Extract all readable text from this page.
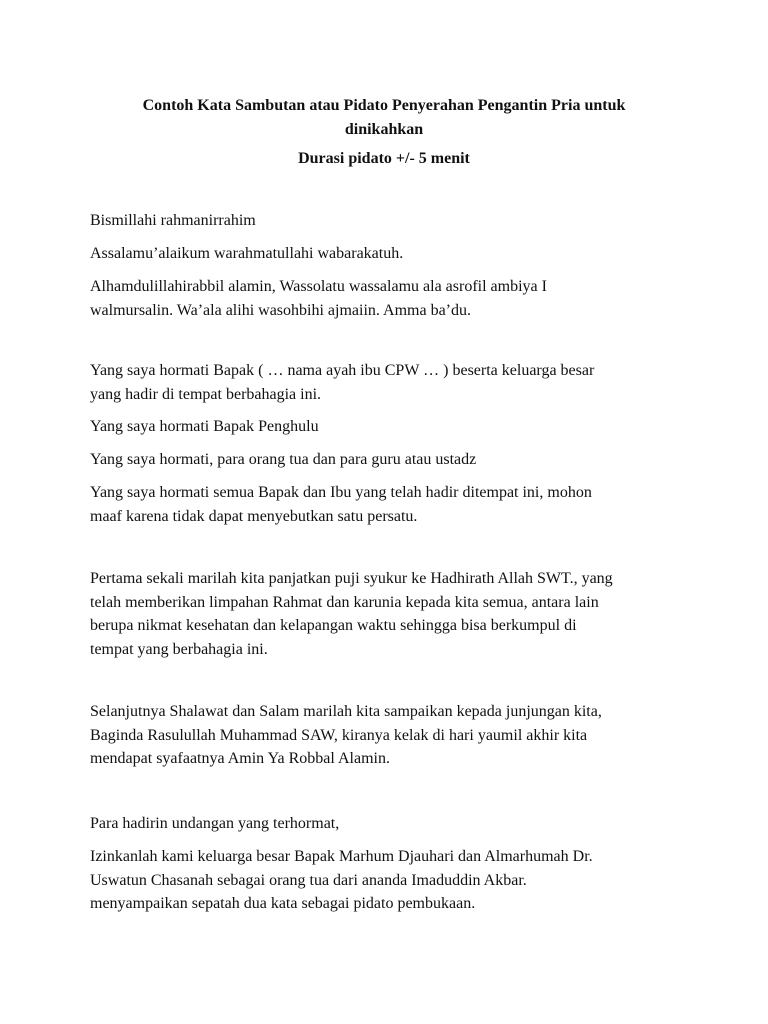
Contoh Kata Sambutan atau Pidato Penyerahan Pengantin Pria untuk
dinikahkan
Durasi pidato +/- 5 menit

Bismillahi rahmanirrahim

Assalamu’alaikum warahmatullahi wabarakatuh.

Alhamdulillahirabbil alamin, Wassolatu wassalamu ala asrofil ambiya I
walmursalin. Wa’ala alihi wasohbihi ajmaiin. Amma ba’du.

Yang saya hormati Bapak ( … nama ayah ibu CPW … ) beserta keluarga besar
yang hadir di tempat berbahagia ini.

Yang saya hormati Bapak Penghulu

Yang saya hormati, para orang tua dan para guru atau ustadz

Yang saya hormati semua Bapak dan Ibu yang telah hadir ditempat ini, mohon
maaf karena tidak dapat menyebutkan satu persatu.

Pertama sekali marilah kita panjatkan puji syukur ke Hadhirath Allah SWT., yang
telah memberikan limpahan Rahmat dan karunia kepada kita semua, antara lain
berupa nikmat kesehatan dan kelapangan waktu sehingga bisa berkumpul di
tempat yang berbahagia ini.

Selanjutnya Shalawat dan Salam marilah kita sampaikan kepada junjungan kita,
Baginda Rasulullah Muhammad SAW, kiranya kelak di hari yaumil akhir kita
mendapat syafaatnya Amin Ya Robbal Alamin.

Para hadirin undangan yang terhormat,

Izinkanlah kami keluarga besar Bapak Marhum Djauhari dan Almarhumah Dr.
Uswatun Chasanah sebagai orang tua dari ananda Imaduddin Akbar.
menyampaikan sepatah dua kata sebagai pidato pembukaan.
